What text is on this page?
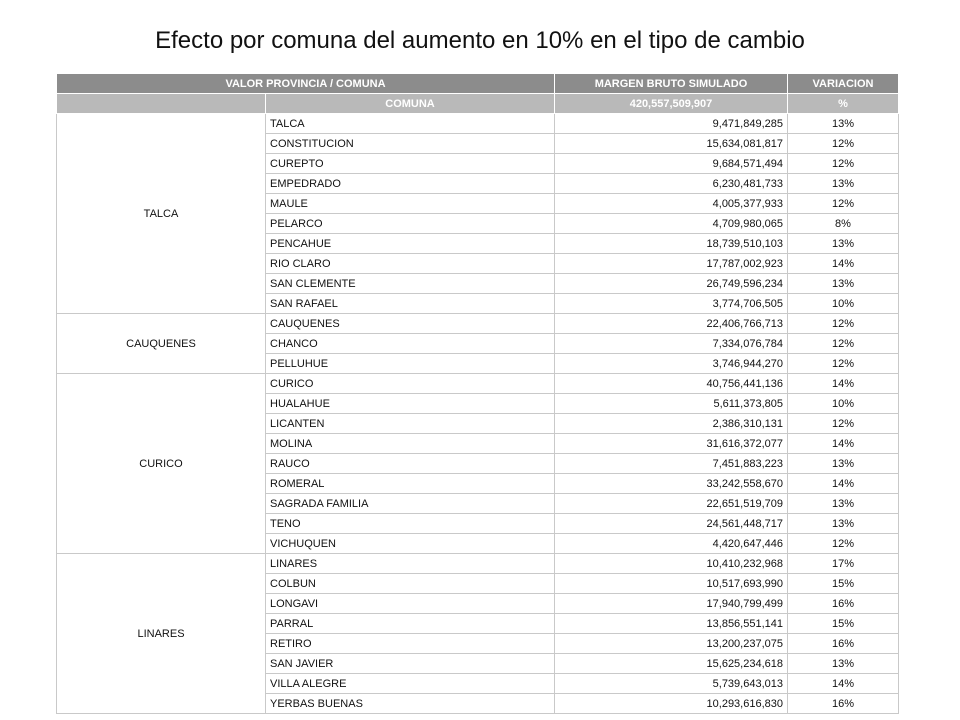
Efecto por comuna del aumento en 10% en el tipo de cambio
VALOR PROVINCIA / COMUNA		MARGEN BRUTO SIMULADO	VARIACION
	COMUNA	420,557,509,907	%
TALCA	TALCA	9,471,849,285	13%
	CONSTITUCION	15,634,081,817	12%
	CUREPTO	9,684,571,494	12%
	EMPEDRADO	6,230,481,733	13%
	MAULE	4,005,377,933	12%
	PELARCO	4,709,980,065	8%
	PENCAHUE	18,739,510,103	13%
	RIO CLARO	17,787,002,923	14%
	SAN CLEMENTE	26,749,596,234	13%
	SAN RAFAEL	3,774,706,505	10%
CAUQUENES	CAUQUENES	22,406,766,713	12%
	CHANCO	7,334,076,784	12%
	PELLUHUE	3,746,944,270	12%
CURICO	CURICO	40,756,441,136	14%
	HUALAHUE	5,611,373,805	10%
	LICANTEN	2,386,310,131	12%
	MOLINA	31,616,372,077	14%
	RAUCO	7,451,883,223	13%
	ROMERAL	33,242,558,670	14%
	SAGRADA FAMILIA	22,651,519,709	13%
	TENO	24,561,448,717	13%
	VICHUQUEN	4,420,647,446	12%
LINARES	LINARES	10,410,232,968	17%
	COLBUN	10,517,693,990	15%
	LONGAVI	17,940,799,499	16%
	PARRAL	13,856,551,141	15%
	RETIRO	13,200,237,075	16%
	SAN JAVIER	15,625,234,618	13%
	VILLA ALEGRE	5,739,643,013	14%
	YERBAS BUENAS	10,293,616,830	16%
